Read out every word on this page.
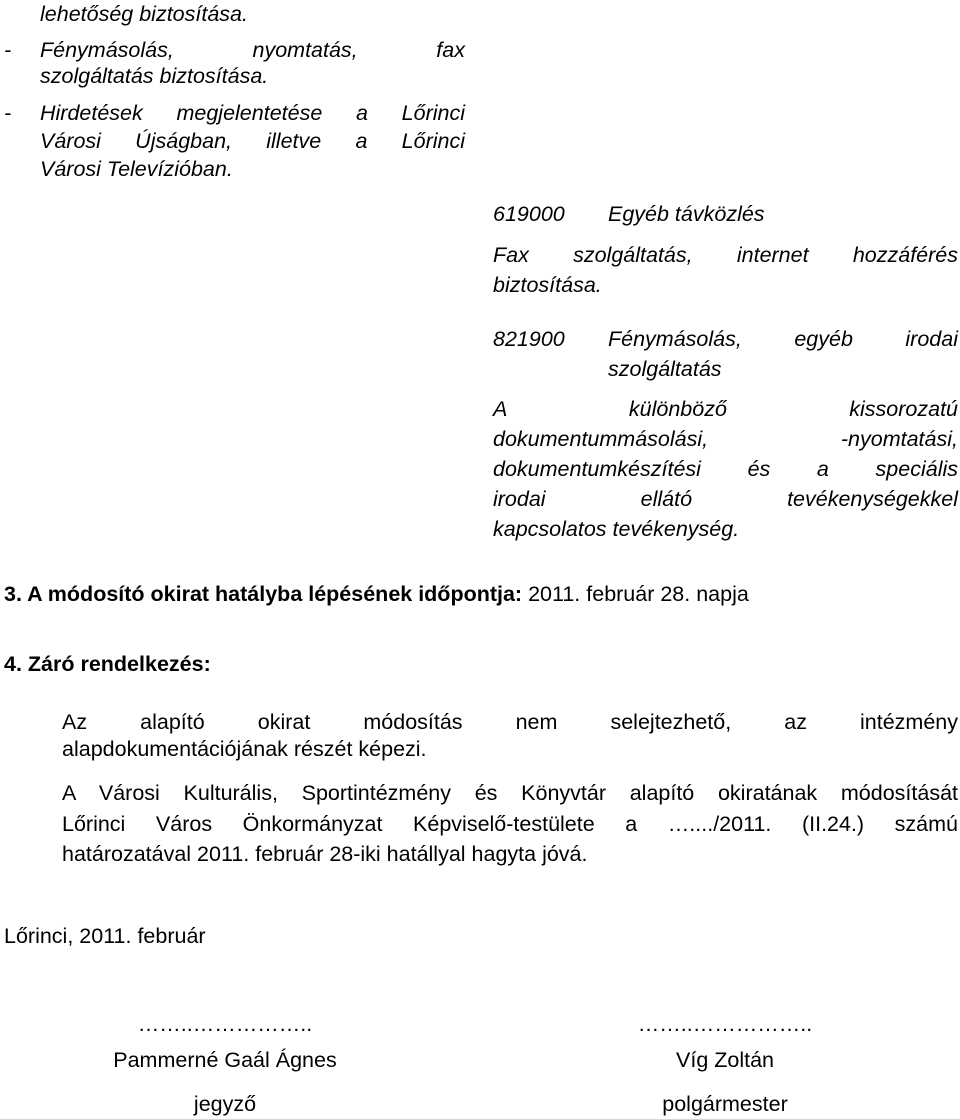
lehetőség biztosítása.
- Fénymásolás, nyomtatás, fax
szolgáltatás biztosítása.
- Hirdetések megjelentetése a Lőrinci
Városi Újságban, illetve a Lőrinci
Városi Televízióban.
619000 Egyéb távközlés
Fax szolgáltatás, internet hozzáférés
biztosítása.
821900 Fénymásolás, egyéb irodai
szolgáltatás
A különböző kissorozatú
dokumentummásolási, -nyomtatási,
dokumentumkészítési és a speciális
irodai ellátó tevékenységekkel
kapcsolatos tevékenység.
3. A módosító okirat hatályba lépésének időpontja: 2011. február 28. napja
4. Záró rendelkezés:
Az alapító okirat módosítás nem selejtezhető, az intézmény
alapdokumentációjának részét képezi.
A Városi Kulturális, Sportintézmény és Könyvtár alapító okiratának módosítását
Lőrinci Város Önkormányzat Képviselő-testülete a …..../2011. (II.24.) számú
határozatával 2011. február 28-iki hatállyal hagyta jóvá.
Lőrinci, 2011. február
……..……………..
Pammerné Gaál Ágnes
jegyző
……..……………..
Víg Zoltán
polgármester
